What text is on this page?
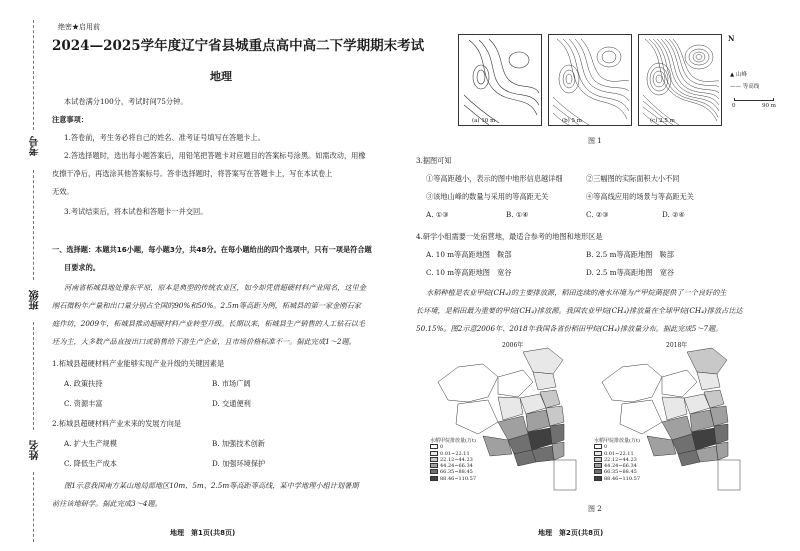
考号
班级
姓名
绝密★启用前
2024—2025学年度辽宁省县城重点高中高二下学期期末考试
地理
本试卷满分100分，考试时间75分钟。
注意事项：
1.答卷前，考生务必将自己的姓名、准考证号填写在答题卡上。
2.答选择题时，选出每小题答案后，用铅笔把答题卡对应题目的答案标号涂黑。如需改动，用橡
皮擦干净后，再选涂其他答案标号。答非选择题时，将答案写在答题卡上，写在本试卷上
无效。
3.考试结束后，将本试卷和答题卡一并交回。
一、选择题：本题共16小题，每小题3分，共48分。在每小题给出的四个选项中，只有一项是符合题
目要求的。
河南省柘城县地处豫东平原，原本是典型的传统农业区，如今却凭借超硬材料产业闻名，这里金
刚石微粉年产量和出口量分别占全国的90%和50%。2.5m等高距为例，柘城县的第一家金刚石家
庭作坊，2009年，柘城县推动超硬材料产业转型升级。长期以来，柘城县生产销售的人工钻石以毛
坯为主，大多数产品直接出口或销售给下游生产企业，且市场价格标准不一。据此完成1～2题。
1.柘城县超硬材料产业能够实现产业升级的关键因素是
A. 政策扶持	B. 市场广阔
C. 资源丰富	D. 交通便利
2.柘城县超硬材料产业未来的发展方向是
A. 扩大生产规模	B. 加强技术创新
C. 降低生产成本	D. 加强环境保护
图1示意我国南方某山地局部地区10m、5m、2.5m等高距等高线，某中学地理小组计划暑期
前往该地研学。据此完成3～4题。
地理　第1页(共8页)
(a) 10 m	(b) 5 m	(c) 2.5 m
N
▲ 山峰
—— 等高线
0	90 m
图 1
3.据图可知
①等高距越小，表示的图中地形信息越详细	②三幅图的实际面积大小不同
③该地山峰的数量与采用的等高距无关	④等高线应用的场景与等高距无关
A. ①③	B. ①④	C. ②③	D. ②④
4.研学小组需要一处宿营地，最适合参考的地图和地形区是
A. 10 m等高距地图　鞍部	B. 2.5 m等高距地图　鞍部
C. 10 m等高距地图　宽谷	D. 2.5 m等高距地图　宽谷
水稻种植是农业甲烷(CH₄)的主要排放源，稻田连续的淹水环境为产甲烷菌提供了一个良好的生
长环境，是稻田最为重要的甲烷(CH₄)排放源。我国农业甲烷(CH₄)排放量在全球甲烷(CH₄)排放占比达
50.15%。图2示意2006年、2018年我国各省份稻田甲烷(CH₄)排放量分布。据此完成5～7题。
2006年
水稻甲烷排放量(万t)
0
0.01~22.11
22.12~44.23
44.24~66.34
66.35~88.45
88.46~110.57
2018年
水稻甲烷排放量(万t)
0
0.01~22.11
22.12~44.23
44.24~66.34
66.35~88.45
88.46~110.57
图 2
地理　第2页(共8页)
